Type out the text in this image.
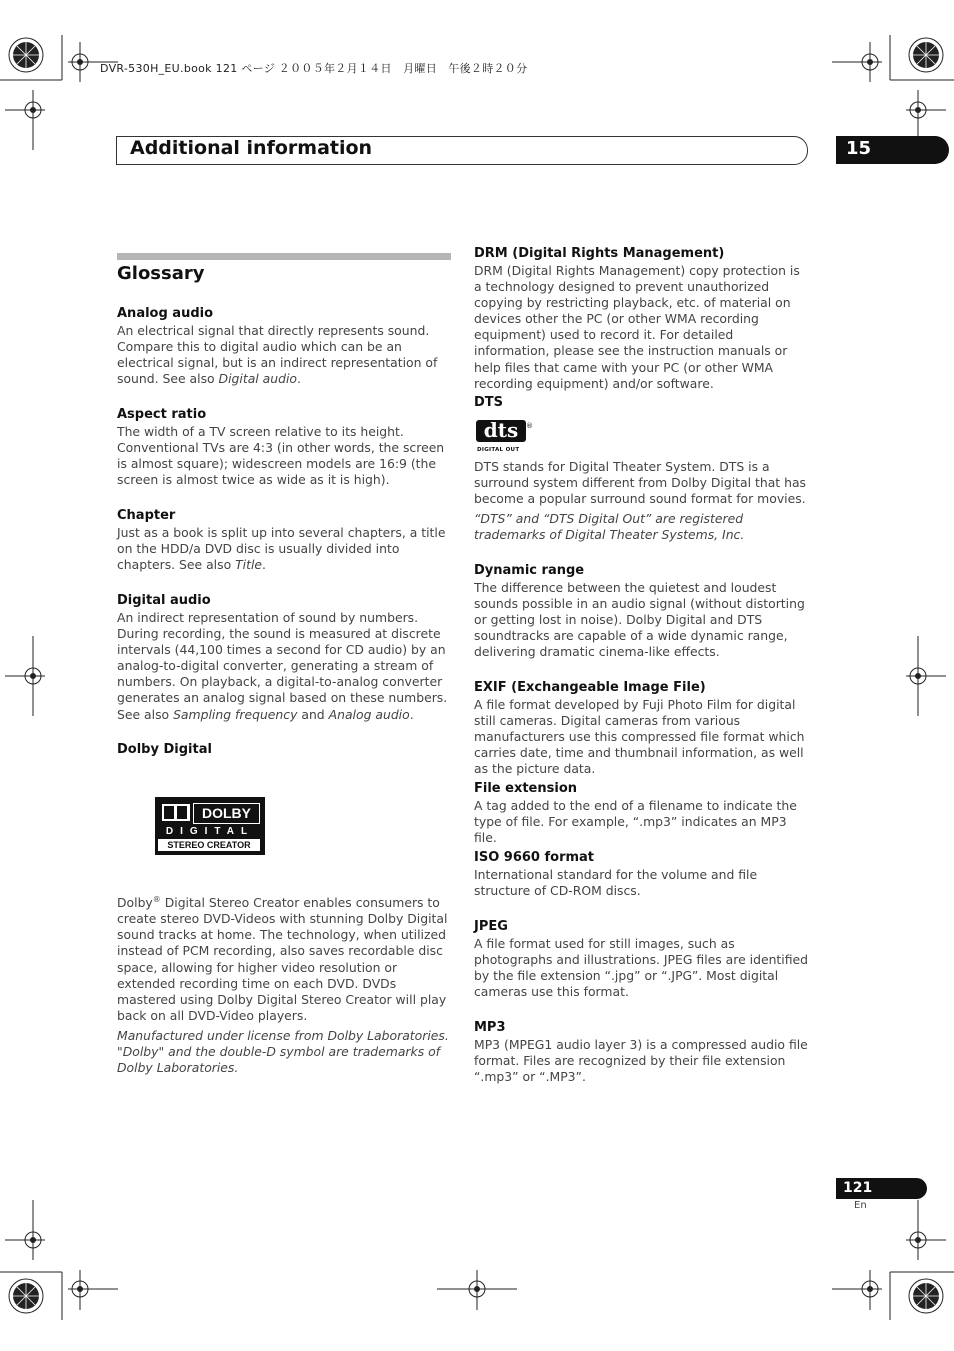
DVR-530H_EU.book 121 ページ ２００５年２月１４日　月曜日　午後２時２０分
Additional information	15
Glossary
Analog audio

An electrical signal that directly represents sound. Compare this to digital audio which can be an electrical signal, but is an indirect representation of sound. See also Digital audio.

Aspect ratio

The width of a TV screen relative to its height. Conventional TVs are 4:3 (in other words, the screen is almost square); widescreen models are 16:9 (the screen is almost twice as wide as it is high).

Chapter

Just as a book is split up into several chapters, a title on the HDD/a DVD disc is usually divided into chapters. See also Title.

Digital audio

An indirect representation of sound by numbers. During recording, the sound is measured at discrete intervals (44,100 times a second for CD audio) by an analog-to-digital converter, generating a stream of numbers. On playback, a digital-to-analog converter generates an analog signal based on these numbers. See also Sampling frequency and Analog audio.

Dolby Digital
DOLBY
DIGITAL
STEREO CREATOR

Dolby® Digital Stereo Creator enables consumers to create stereo DVD-Videos with stunning Dolby Digital sound tracks at home. The technology, when utilized instead of PCM recording, also saves recordable disc space, allowing for higher video resolution or extended recording time on each DVD. DVDs mastered using Dolby Digital Stereo Creator will play back on all DVD-Video players.

Manufactured under license from Dolby Laboratories. "Dolby" and the double-D symbol are trademarks of Dolby Laboratories.

DRM (Digital Rights Management)

DRM (Digital Rights Management) copy protection is a technology designed to prevent unauthorized copying by restricting playback, etc. of material on devices other the PC (or other WMA recording equipment) used to record it. For detailed information, please see the instruction manuals or help files that came with your PC (or other WMA recording equipment) and/or software.

DTS
dts
DIGITAL OUT
®

DTS stands for Digital Theater System. DTS is a surround system different from Dolby Digital that has become a popular surround sound format for movies.

“DTS” and “DTS Digital Out” are registered trademarks of Digital Theater Systems, Inc.

Dynamic range

The difference between the quietest and loudest sounds possible in an audio signal (without distorting or getting lost in noise). Dolby Digital and DTS soundtracks are capable of a wide dynamic range, delivering dramatic cinema-like effects.

EXIF (Exchangeable Image File)

A file format developed by Fuji Photo Film for digital still cameras. Digital cameras from various manufacturers use this compressed file format which carries date, time and thumbnail information, as well as the picture data.

File extension

A tag added to the end of a filename to indicate the type of file. For example, “.mp3” indicates an MP3 file.

ISO 9660 format

International standard for the volume and file structure of CD-ROM discs.

JPEG

A file format used for still images, such as photographs and illustrations. JPEG files are identified by the file extension “.jpg” or “.JPG”. Most digital cameras use this format.

MP3

MP3 (MPEG1 audio layer 3) is a compressed audio file format. Files are recognized by their file extension “.mp3” or “.MP3”.

121
En
